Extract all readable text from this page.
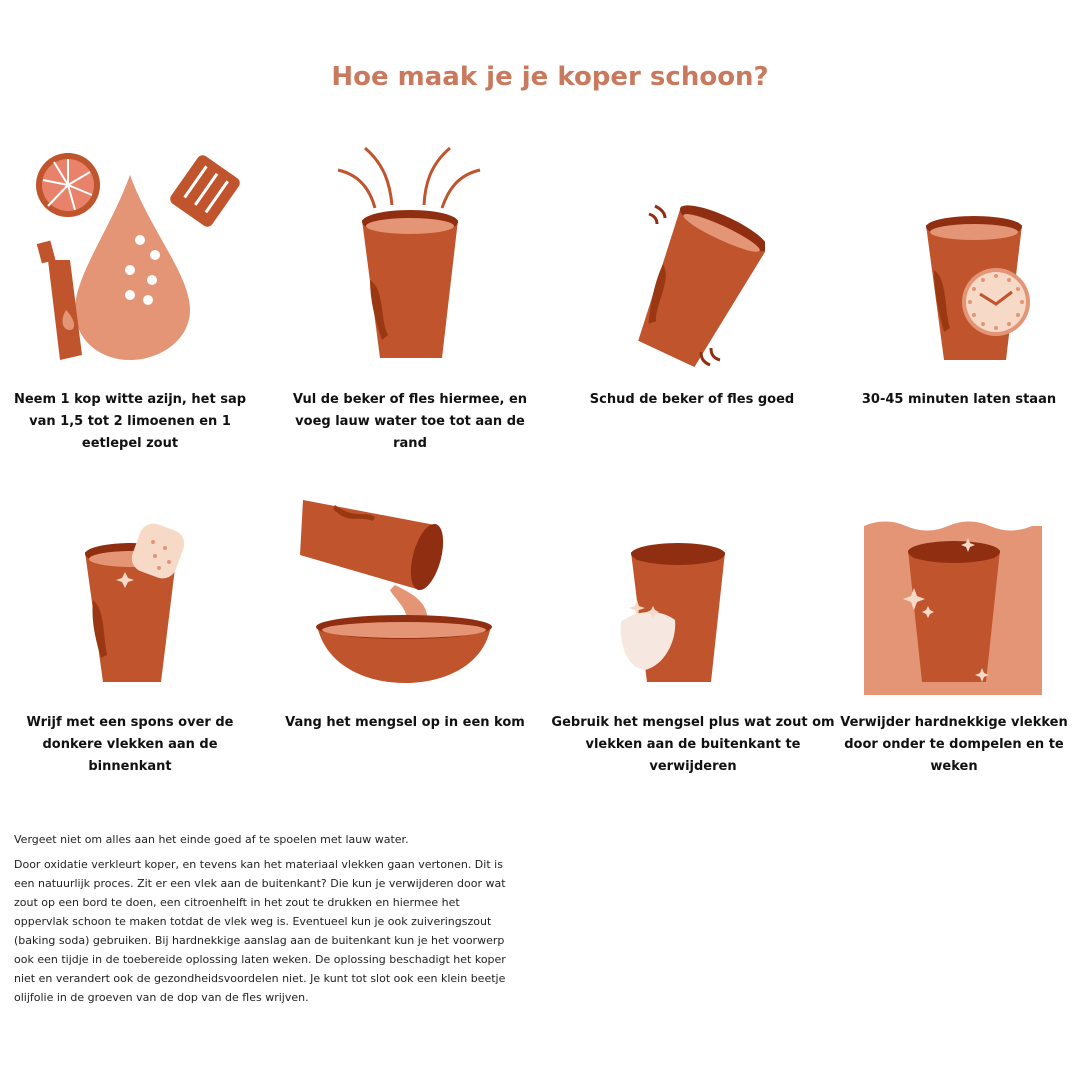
Hoe maak je je koper schoon?
Neem 1 kop witte azijn, het sap van 1,5 tot 2 limoenen en 1 eetlepel zout
Vul de beker of fles hiermee, en voeg lauw water toe tot aan de rand
Schud de beker of fles goed	30-45 minuten laten staan
Wrijf met een spons over de donkere vlekken aan de binnenkant
Vang het mengsel op in een kom	Gebruik het mengsel plus wat zout om vlekken aan de buitenkant te verwijderen
Verwijder hardnekkige vlekken door onder te dompelen en te weken

Vergeet niet om alles aan het einde goed af te spoelen met lauw water.

Door oxidatie verkleurt koper, en tevens kan het materiaal vlekken gaan vertonen. Dit is een natuurlijk proces. Zit er een vlek aan de buitenkant? Die kun je verwijderen door wat zout op een bord te doen, een citroenhelft in het zout te drukken en hiermee het oppervlak schoon te maken totdat de vlek weg is. Eventueel kun je ook zuiveringszout (baking soda) gebruiken. Bij hardnekkige aanslag aan de buitenkant kun je het voorwerp ook een tijdje in de toebereide oplossing laten weken. De oplossing beschadigt het koper niet en verandert ook de gezondheidsvoordelen niet. Je kunt tot slot ook een klein beetje olijfolie in de groeven van de dop van de fles wrijven.
